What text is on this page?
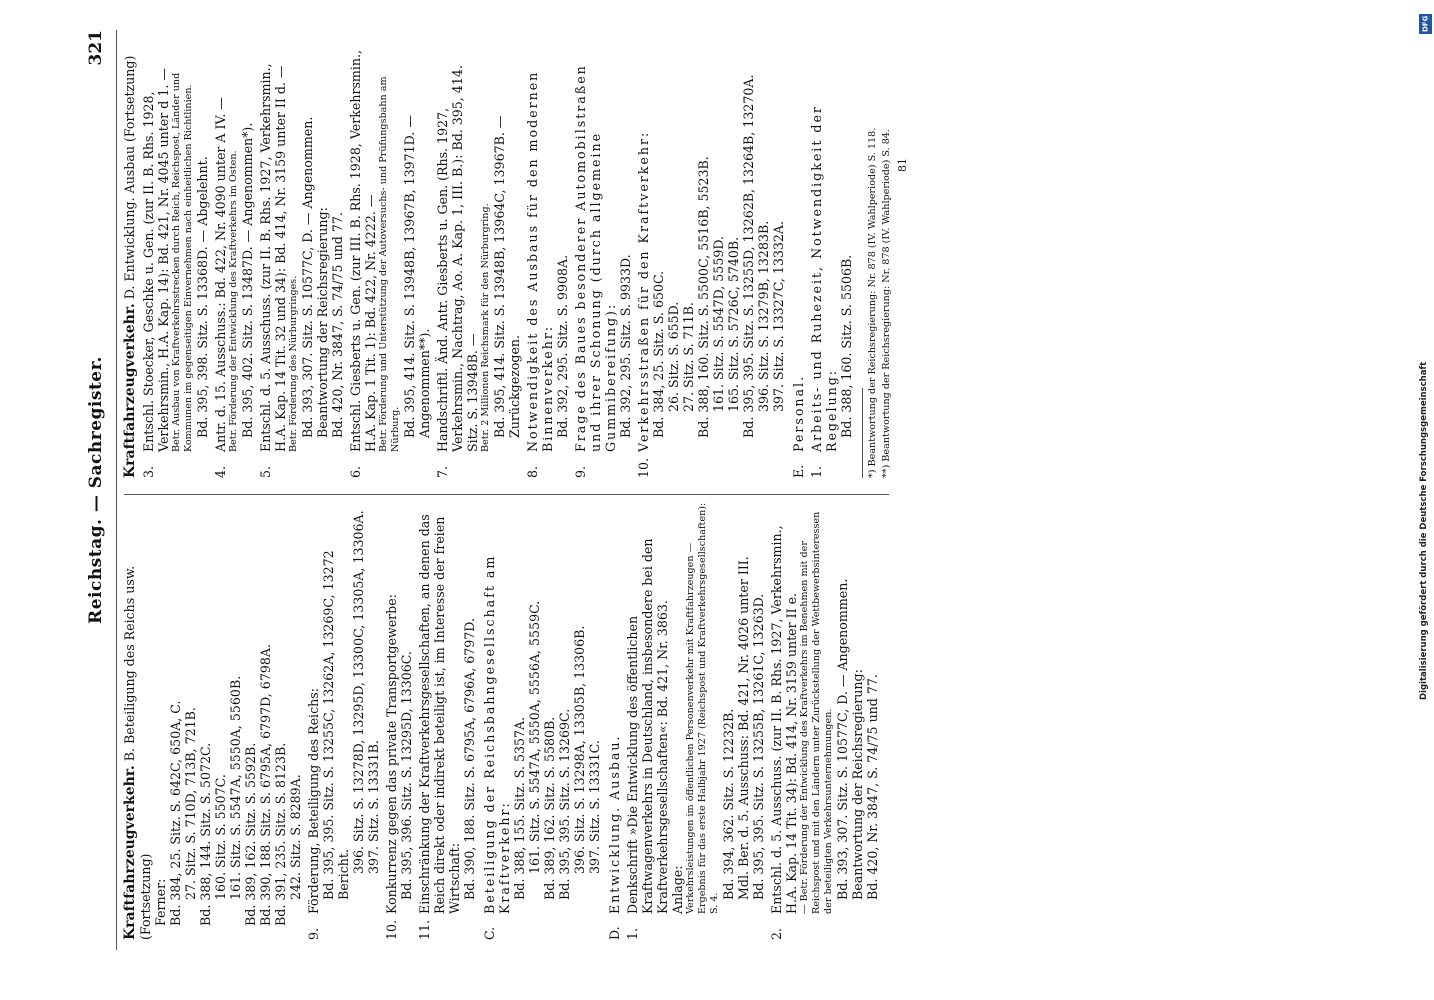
Reichstag. — Sachregister.
321
Kraftfahrzeugverkehr. B. Beteiligung des Reichs usw. (Fortsetzung) Ferner: Bd. 384, 25. Sitz. S. 642C, 650A, C. 27. Sitz. S. 710D, 713B, 721B. Bd. 388, 144. Sitz. S. 5072C. 160. Sitz. S. 5507C. 161. Sitz. S. 5547A, 5550A, 5560B. Bd. 389, 162. Sitz. S. 5592B. Bd. 390, 188. Sitz. S. 6795A, 6797D, 6798A. Bd. 391, 235. Sitz. S. 8123B. 242. Sitz. S. 8289A.
9.
Förderung, Beteiligung des Reichs: Bd. 395, 395. Sitz. S. 13255C, 13262A, 13269C, 13272 Bericht.
396. Sitz. S. 13278D, 13295D, 13300C, 13305A, 13306A. 397. Sitz. S. 13331B.
10.
Konkurrenz gegen das private Transportgewerbe: Bd. 395, 396. Sitz. S. 13295D, 13306C.
11.
Einschränkung der Kraftverkehrsgesellschaften, an denen das Reich direkt oder indirekt beteiligt ist, im Interesse der freien Wirtschaft: Bd. 390, 188. Sitz. S. 6795A, 6796A, 6797D.
C.
Beteiligung der Reichsbahngesellschaft am Kraftverkehr: Bd. 388, 155. Sitz. S. 5357A. 161. Sitz. S. 5547A, 5550A, 5556A, 5559C. Bd. 389, 162. Sitz. S. 5580B. Bd. 395, 395. Sitz. S. 13269C. 396. Sitz. S. 13298A, 13305B, 13306B. 397. Sitz. S. 13331C.
D.
Entwicklung. Ausbau.
1.
Denkschrift »Die Entwicklung des öffentlichen Kraftwagenverkehrs in Deutschland, insbesondere bei den Kraftverkehrsgesellschaften«: Bd. 421, Nr. 3863. Anlage: Verkehrsleistungen im öffentlichen Personenverkehr mit Kraftfahrzeugen — Ergebnis für das erste Halbjahr 1927 (Reichspost und Kraftverkehrsgesellschaften): S. 4.
Bd. 394, 362. Sitz. S. 12232B. Mdl. Ber. d. 5. Ausschuss: Bd. 421, Nr. 4026 unter III. Bd. 395, 395. Sitz. S. 13255B, 13261C, 13263D.
2.
Entschl. d. 5. Ausschuss. (zur II. B. Rhs. 1927, Verkehrsmin., H.A. Kap. 14 Tit. 34): Bd. 414, Nr. 3159 unter II e. — Betr. Förderung der Entwicklung des Kraftverkehrs im Benehmen mit der Reichspost und mit den Ländern unter Zurückstellung der Wettbewerbsinteressen der beteiligten Verkehrsunternehmungen. Bd. 393, 307. Sitz. S. 10577C, D. — Angenommen. Beantwortung der Reichsregierung: Bd. 420, Nr. 3847, S. 74/75 und 77.
Kraftfahrzeugverkehr. D. Entwicklung. Ausbau (Fortsetzung)
3.
Entschl. Stoecker, Geschke u. Gen. (zur II. B. Rhs. 1928, Verkehrsmin., H.A. Kap. 14): Bd. 421, Nr. 4045 unter d 1. — Betr. Ausbau von Kraftverkehrsstrecken durch Reich, Reichspost, Länder und Kommunen im gegenseitigen Einvernehmen nach einheitlichen Richtlinien. Bd. 395, 398. Sitz. S. 13368D. — Abgelehnt.
4.
Antr. d. 15. Ausschuss.: Bd. 422, Nr. 4090 unter A IV. — Betr. Förderung der Entwicklung des Kraftverkehrs im Osten. Bd. 395, 402. Sitz. S. 13487D. — Angenommen*).
5.
Entschl. d. 5. Ausschuss. (zur II. B. Rhs. 1927, Verkehrsmin., H.A. Kap. 14 Tit. 32 und 34): Bd. 414, Nr. 3159 unter II d. — Betr. Förderung des Nürburgringes. Bd. 393, 307. Sitz. S. 10577C, D. — Angenommen. Beantwortung der Reichsregierung: Bd. 420, Nr. 3847, S. 74/75 und 77.
6.
Entschl. Giesberts u. Gen. (zur III. B. Rhs. 1928, Verkehrsmin., H.A. Kap. 1 Tit. 1): Bd. 422, Nr. 4222. — Betr. Förderung und Unterstützung der Autoversuchs- und Prüfungsbahn am Nürburg. Bd. 395, 414. Sitz. S. 13948B, 13967B, 13971D. — Angenommen**).
7.
Handschriftl. Änd. Antr. Giesberts u. Gen. (Rhs. 1927, Verkehrsmin., Nachtrag, Ao. A. Kap. 1, III. B.): Bd. 395, 414. Sitz. S. 13948B. — Betr. 2 Millionen Reichsmark für den Nürburgring. Bd. 395, 414. Sitz. S. 13948B, 13964C, 13967B. — Zurückgezogen.
8.
Notwendigkeit des Ausbaus für den modernen Binnenverkehr: Bd. 392, 295. Sitz. S. 9908A.
9.
Frage des Baues besonderer Automobilstraßen und ihrer Schonung (durch allgemeine Gummibereifung): Bd. 392, 295. Sitz. S. 9933D.
10.
Verkehrsstraßen für den Kraftverkehr: Bd. 384, 25. Sitz. S. 650C. 26. Sitz. S. 655D. 27. Sitz. S. 711B. Bd. 388, 160. Sitz. S. 5500C, 5516B, 5523B. 161. Sitz. S. 5547D, 5559D. 165. Sitz. S. 5726C, 5740B. Bd. 395, 395. Sitz. S. 13255D, 13262B, 13264B, 13270A. 396. Sitz. S. 13279B, 13283B. 397. Sitz. S. 13327C, 13332A.
E.
Personal.
1.
Arbeits- und Ruhezeit, Notwendigkeit der Regelung: Bd. 388, 160. Sitz. S. 5506B. *) Beantwortung der Reichsregierung: Nr. 878 (IV. Wahlperiode) S. 118. **) Beantwortung der Reichsregierung: Nr. 878 (IV. Wahlperiode) S. 84. 81
DFG
Digitalisierung gefördert durch die Deutsche Forschungsgemeinschaft
